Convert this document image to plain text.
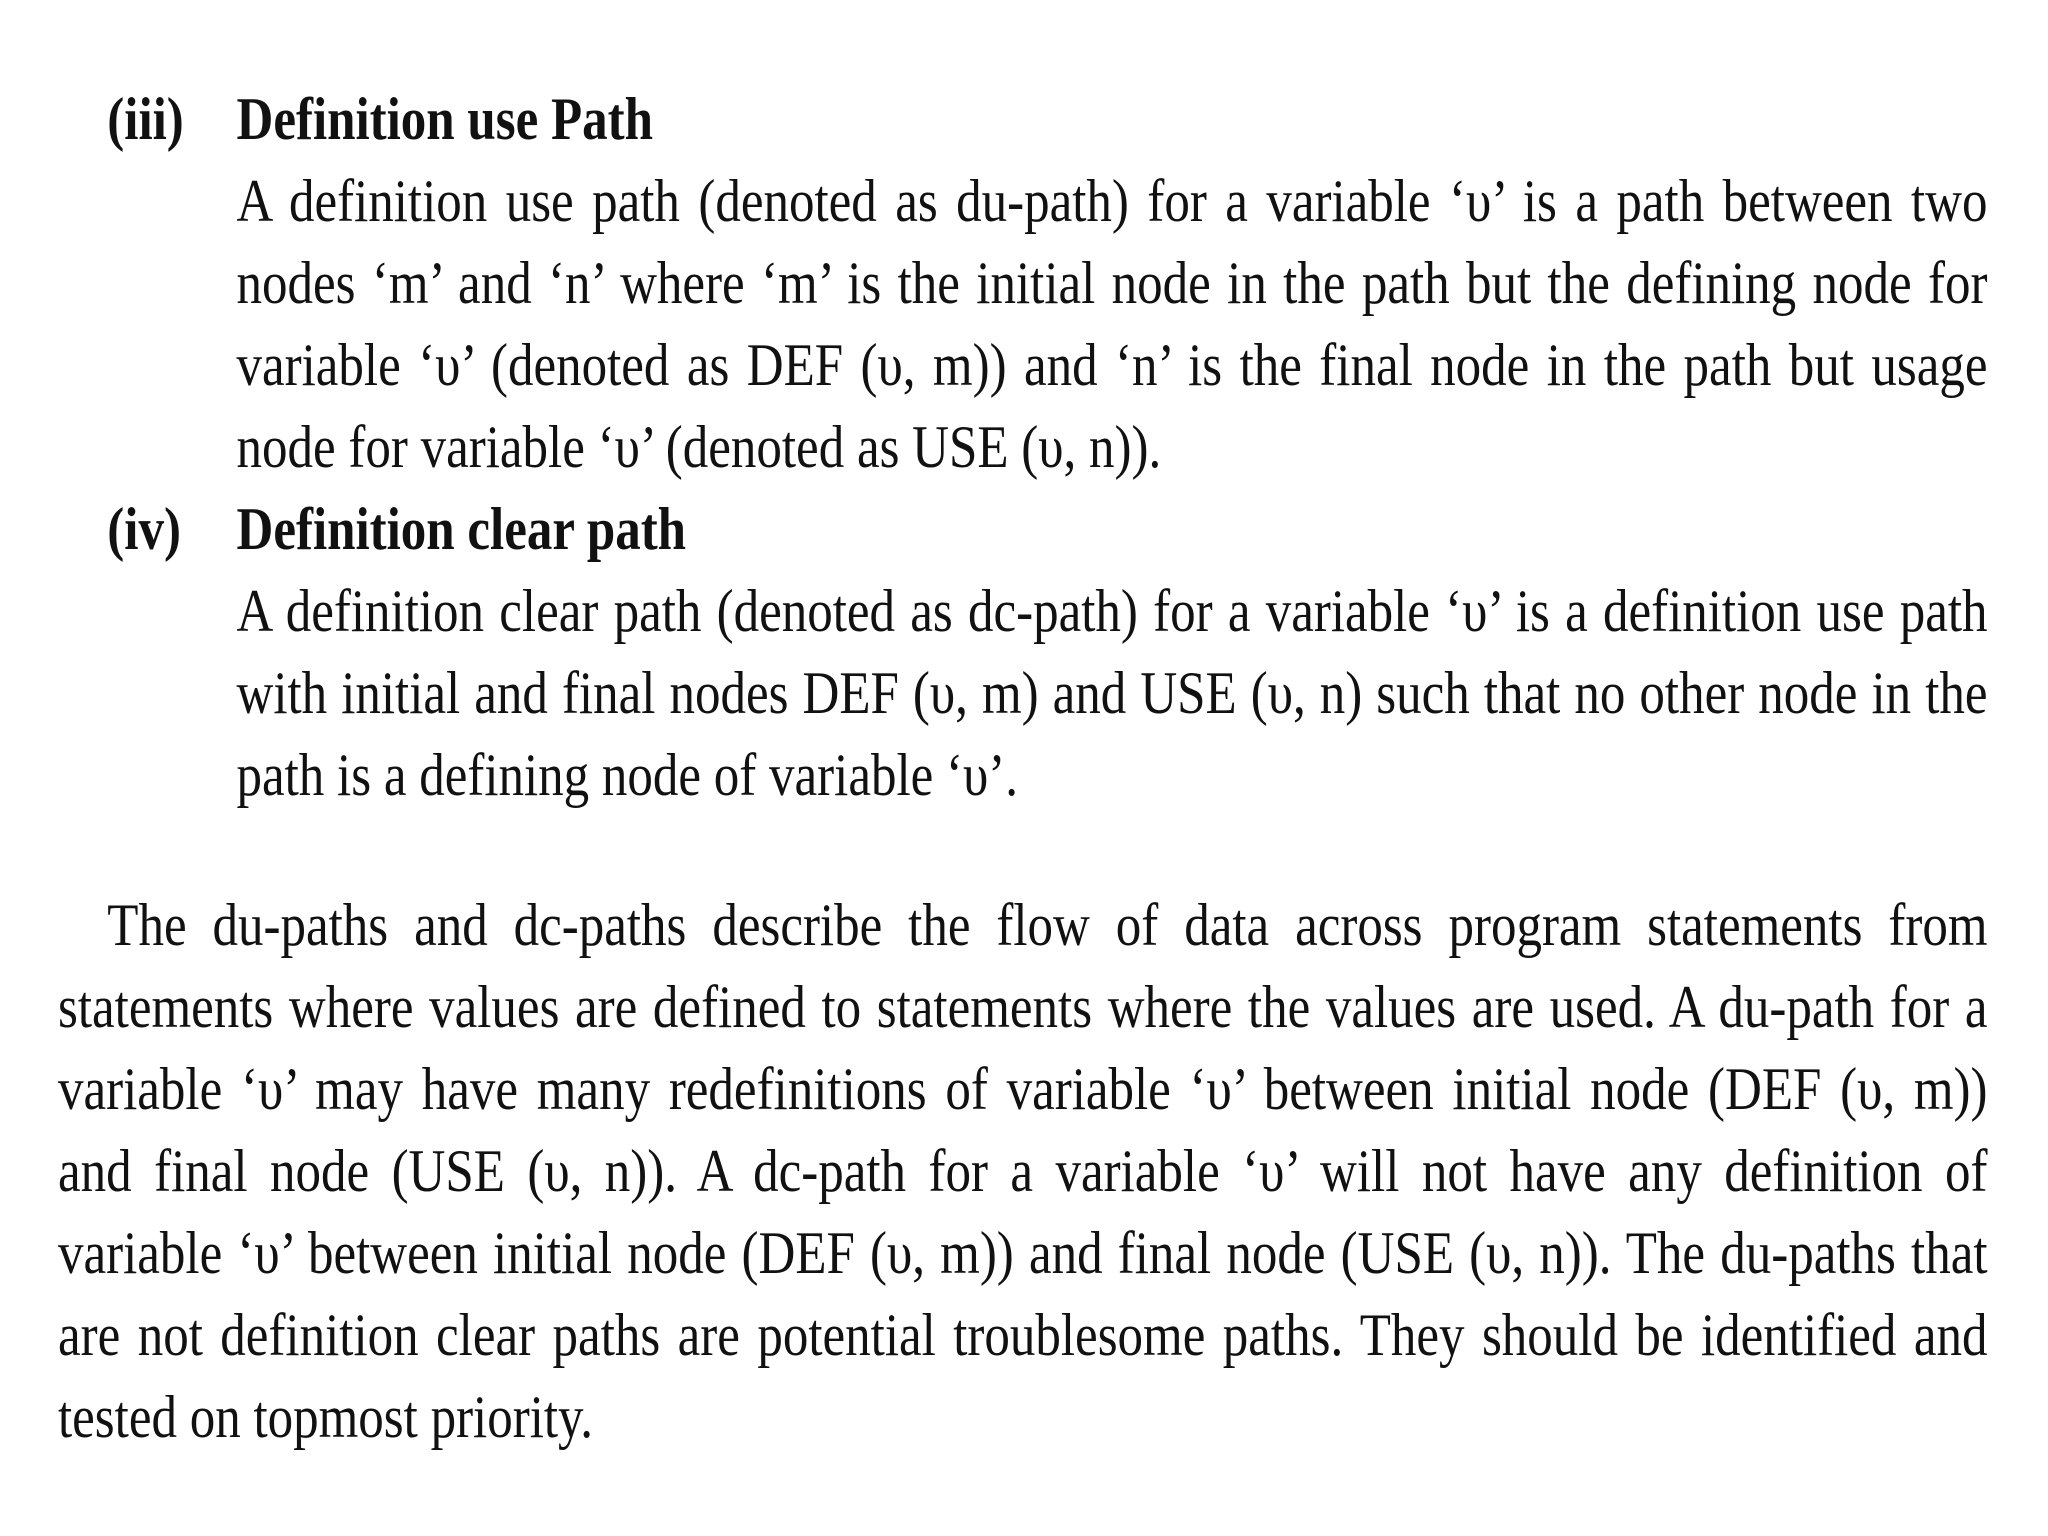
(iii) Definition use Path
A definition use path (denoted as du-path) for a variable ‘υ’ is a path between two nodes ‘m’ and ‘n’ where ‘m’ is the initial node in the path but the defining node for variable ‘υ’ (denoted as DEF (υ, m)) and ‘n’ is the final node in the path but usage node for variable ‘υ’ (denoted as USE (υ, n)).
(iv) Definition clear path
A definition clear path (denoted as dc-path) for a variable ‘υ’ is a definition use path with initial and final nodes DEF (υ, m) and USE (υ, n) such that no other node in the path is a defining node of variable ‘υ’.

The du-paths and dc-paths describe the flow of data across program statements from statements where values are defined to statements where the values are used. A du-path for a variable ‘υ’ may have many redefinitions of variable ‘υ’ between initial node (DEF (υ, m)) and final node (USE (υ, n)). A dc-path for a variable ‘υ’ will not have any definition of variable ‘υ’ between initial node (DEF (υ, m)) and final node (USE (υ, n)). The du-paths that are not definition clear paths are potential troublesome paths. They should be identified and tested on topmost priority.
